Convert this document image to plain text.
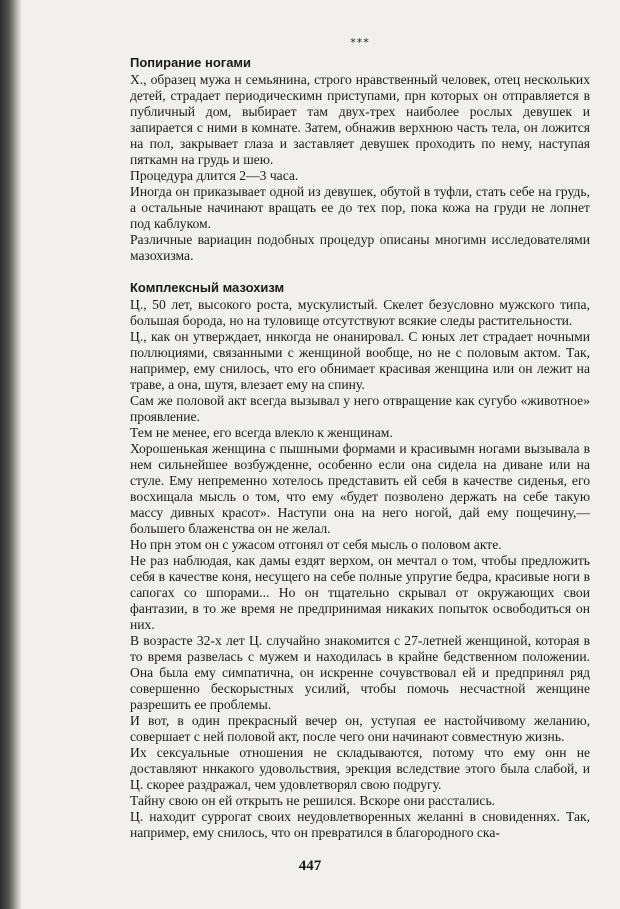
***
Попирание ногами

Х., образец мужа н семьянина, строго нравственный человек, отец нескольких детей, страдает периодическимн приступами, прн которых он отправляется в публичный дом, выбирает там двух-трех наиболее рослых девушек и запирается с ними в комнате. Затем, обнажив верхнюю часть тела, он ложится на пол, закрывает глаза и заставляет девушек проходить по нему, наступая пяткамн на грудь и шею.

Процедура длится 2—3 часа.

Иногда он приказывает одной из девушек, обутой в туфли, стать себе на грудь, а остальные начинают вращать ее до тех пор, пока кожа на груди не лопнет под каблуком.

Различные вариацин подобных процедур описаны многимн исследователями мазохизма.

Комплексный мазохизм

Ц., 50 лет, высокого роста, мускулистый. Скелет безусловно мужского типа, большая борода, но на туловище отсутствуют всякие следы растительности.

Ц., как он утверждает, ннкогда не онанировал. С юных лет страдает ночными поллюциями, связанными с женщиной вообще, но не с половым актом. Так, например, ему снилось, что его обнимает красивая женщина или он лежит на траве, а она, шутя, влезает ему на спину.

Сам же половой акт всегда вызывал у него отвращение как сугубо «животное» проявление.

Тем не менее, его всегда влекло к женщинам.

Хорошенькая женщина с пышными формами и красивымн ногами вызывала в нем сильнейшее возбужденне, особенно если она сидела на диване или на стуле. Ему непременно хотелось представить ей себя в качестве сиденья, его восхищала мысль о том, что ему «будет позволено держать на себе такую массу дивных красот». Наступи она на него ногой, дай ему пощечину,— большего блаженства он не желал.

Но прн этом он с ужасом отгонял от себя мысль о половом акте.

Не раз наблюдая, как дамы ездят верхом, он мечтал о том, чтобы предложить себя в качестве коня, несущего на себе полные упругие бедра, красивые ноги в сапогах со шпорами... Но он тщательно скрывал от окружающих свои фантазии, в то же время не предпринимая никаких попыток освободиться он них.

В возрасте 32-х лет Ц. случайно знакомится с 27-летней женщиной, которая в то время развелась с мужем и находилась в крайне бедственном положении. Она была ему симпатична, он искренне сочувствовал ей и предпринял ряд совершенно бескорыстных усилий, чтобы помочь несчастной женщине разрешить ее проблемы.

И вот, в один прекрасный вечер он, уступая ее настойчивому желанию, совершает с ней половой акт, после чего они начинают совместную жизнь.

Их сексуальные отношения не складываются, потому что ему онн не доставляют ннкакого удовольствия, эрекция вследствие этого была слабой, и Ц. скорее раздражал, чем удовлетворял свою подругу.

Тайну свою он ей открыть не решился. Вскоре они расстались.

Ц. находит суррогат своих неудовлетворенных желанні в сновиденнях. Так, например, ему снилось, что он превратился в благородного ска-

447
